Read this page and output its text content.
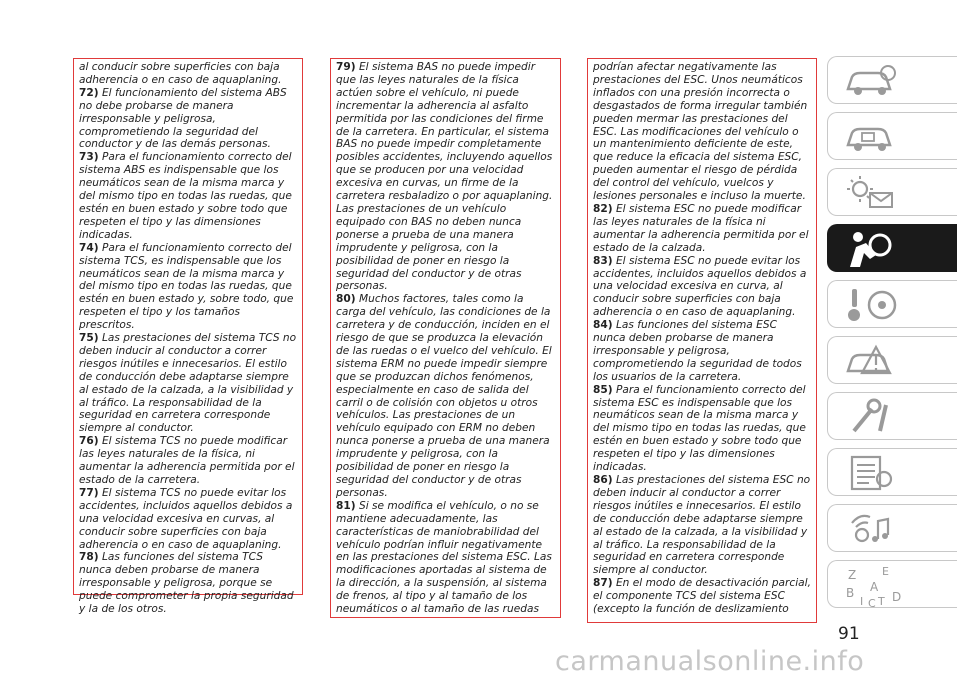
al conducir sobre superficies con baja adherencia o en caso de aquaplaning.

72) El funcionamiento del sistema ABS no debe probarse de manera irresponsable y peligrosa, comprometiendo la seguridad del conductor y de las demás personas.

73) Para el funcionamiento correcto del sistema ABS es indispensable que los neumáticos sean de la misma marca y del mismo tipo en todas las ruedas, que estén en buen estado y sobre todo que respeten el tipo y las dimensiones indicadas.

74) Para el funcionamiento correcto del sistema TCS, es indispensable que los neumáticos sean de la misma marca y del mismo tipo en todas las ruedas, que estén en buen estado y, sobre todo, que respeten el tipo y los tamaños prescritos.

75) Las prestaciones del sistema TCS no deben inducir al conductor a correr riesgos inútiles e innecesarios. El estilo de conducción debe adaptarse siempre al estado de la calzada, a la visibilidad y al tráfico. La responsabilidad de la seguridad en carretera corresponde siempre al conductor.

76) El sistema TCS no puede modificar las leyes naturales de la física, ni aumentar la adherencia permitida por el estado de la carretera.

77) El sistema TCS no puede evitar los accidentes, incluidos aquellos debidos a una velocidad excesiva en curvas, al conducir sobre superficies con baja adherencia o en caso de aquaplaning.

78) Las funciones del sistema TCS nunca deben probarse de manera irresponsable y peligrosa, porque se puede comprometer la propia seguridad y la de los otros.

79) El sistema BAS no puede impedir que las leyes naturales de la física actúen sobre el vehículo, ni puede incrementar la adherencia al asfalto permitida por las condiciones del firme de la carretera. En particular, el sistema BAS no puede impedir completamente posibles accidentes, incluyendo aquellos que se producen por una velocidad excesiva en curvas, un firme de la carretera resbaladizo o por aquaplaning. Las prestaciones de un vehículo equipado con BAS no deben nunca ponerse a prueba de una manera imprudente y peligrosa, con la posibilidad de poner en riesgo la seguridad del conductor y de otras personas.

80) Muchos factores, tales como la carga del vehículo, las condiciones de la carretera y de conducción, inciden en el riesgo de que se produzca la elevación de las ruedas o el vuelco del vehículo. El sistema ERM no puede impedir siempre que se produzcan dichos fenómenos, especialmente en caso de salida del carril o de colisión con objetos u otros vehículos. Las prestaciones de un vehículo equipado con ERM no deben nunca ponerse a prueba de una manera imprudente y peligrosa, con la posibilidad de poner en riesgo la seguridad del conductor y de otras personas.

81) Si se modifica el vehículo, o no se mantiene adecuadamente, las características de maniobrabilidad del vehículo podrían influir negativamente en las prestaciones del sistema ESC. Las modificaciones aportadas al sistema de la dirección, a la suspensión, al sistema de frenos, al tipo y al tamaño de los neumáticos o al tamaño de las ruedas

podrían afectar negativamente las prestaciones del ESC. Unos neumáticos inflados con una presión incorrecta o desgastados de forma irregular también pueden mermar las prestaciones del ESC. Las modificaciones del vehículo o un mantenimiento deficiente de este, que reduce la eficacia del sistema ESC, pueden aumentar el riesgo de pérdida del control del vehículo, vuelcos y lesiones personales e incluso la muerte.

82) El sistema ESC no puede modificar las leyes naturales de la física ni aumentar la adherencia permitida por el estado de la calzada.

83) El sistema ESC no puede evitar los accidentes, incluidos aquellos debidos a una velocidad excesiva en curva, al conducir sobre superficies con baja adherencia o en caso de aquaplaning.

84) Las funciones del sistema ESC nunca deben probarse de manera irresponsable y peligrosa, comprometiendo la seguridad de todos los usuarios de la carretera.

85) Para el funcionamiento correcto del sistema ESC es indispensable que los neumáticos sean de la misma marca y del mismo tipo en todas las ruedas, que estén en buen estado y sobre todo que respeten el tipo y las dimensiones indicadas.

86) Las prestaciones del sistema ESC no deben inducir al conductor a correr riesgos inútiles e innecesarios. El estilo de conducción debe adaptarse siempre al estado de la calzada, a la visibilidad y al tráfico. La responsabilidad de la seguridad en carretera corresponde siempre al conductor.

87) En el modo de desactivación parcial, el componente TCS del sistema ESC (excepto la función de deslizamiento

Z E
B A
I C T D
91
carmanualsonline.info
